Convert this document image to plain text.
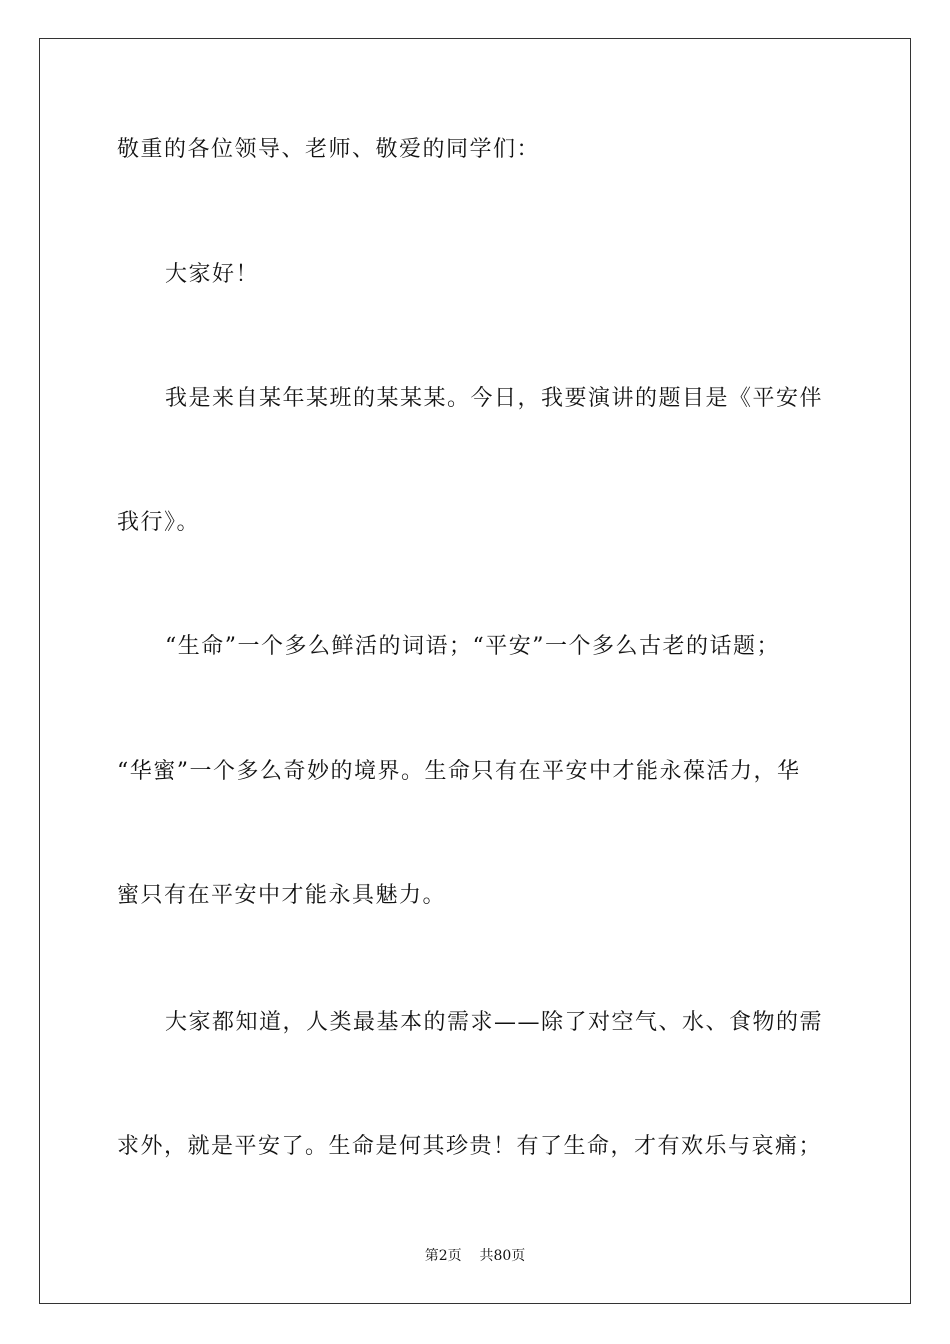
敬重的各位领导、老师、敬爱的同学们：
大家好！
我是来自某年某班的某某某。今日，我要演讲的题目是《平安伴
我行》。
“生命”一个多么鲜活的词语；“平安”一个多么古老的话题；
“华蜜”一个多么奇妙的境界。生命只有在平安中才能永葆活力，华
蜜只有在平安中才能永具魅力。
大家都知道，人类最基本的需求——除了对空气、水、食物的需
求外，就是平安了。生命是何其珍贵！有了生命，才有欢乐与哀痛；
第2页    共80页
